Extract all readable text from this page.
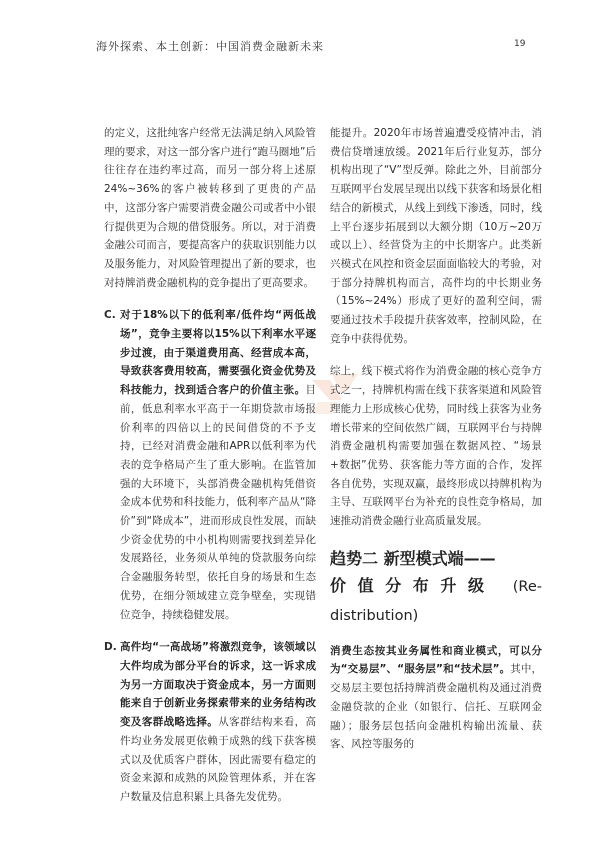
海外探索、本土创新：中国消费金融新未来	19

的定义，这批纯客户经常无法满足纳入风险管理的要求，对这一部分客户进行“跑马圈地”后往往存在违约率过高，而另一部分将上述原24%~36%的客户被转移到了更贵的产品中，这部分客户需要消费金融公司或者中小银行提供更为合规的借贷服务。所以，对于消费金融公司而言，要提高客户的获取识别能力以及服务能力，对风险管理提出了新的要求，也对持牌消费金融机构的竞争提出了更高要求。

C. 对于18%以下的低利率/低件均“两低战场”，竞争主要将以15%以下利率水平逐步过渡，由于渠道费用高、经营成本高，导致获客费用较高，需要强化资金优势及科技能力，找到适合客户的价值主张。目前，低息利率水平高于一年期贷款市场报价利率的四倍以上的民间借贷的不予支持，已经对消费金融和APR以低利率为代表的竞争格局产生了重大影响。在监管加强的大环境下，头部消费金融机构凭借资金成本优势和科技能力，低利率产品从“降价”到“降成本”，进而形成良性发展，而缺少资金优势的中小机构则需要找到差异化发展路径，业务须从单纯的贷款服务向综合金融服务转型，依托自身的场景和生态优势，在细分领域建立竞争壁垒，实现错位竞争，持续稳健发展。

D. 高件均“一高战场”将激烈竞争，该领域以大件均成为部分平台的诉求，这一诉求成为另一方面取决于资金成本，另一方面则能来自于创新业务探索带来的业务结构改变及客群战略选择。从客群结构来看，高件均业务发展更依赖于成熟的线下获客模式以及优质客户群体，因此需要有稳定的资金来源和成熟的风险管理体系，并在客户数量及信息积累上具备先发优势。

能提升。2020年市场普遍遭受疫情冲击，消费信贷增速放缓。2021年后行业复苏，部分机构出现了“V”型反弹。除此之外，目前部分互联网平台发展呈现出以线下获客和场景化相结合的新模式，从线上到线下渗透，同时，线上平台逐步拓展到以大额分期（10万~20万或以上）、经营贷为主的中长期客户。此类新兴模式在风控和资金层面面临较大的考验，对于部分持牌机构而言，高件均的中长期业务（15%~24%）形成了更好的盈利空间，需要通过技术手段提升获客效率，控制风险，在竞争中获得优势。

综上，线下模式将作为消费金融的核心竞争方式之一，持牌机构需在线下获客渠道和风险管理能力上形成核心优势，同时线上获客为业务增长带来的空间依然广阔，互联网平台与持牌消费金融机构需要加强在数据风控、“场景+数据”优势、获客能力等方面的合作，发挥各自优势，实现双赢，最终形成以持牌机构为主导、互联网平台为补充的良性竞争格局，加速推动消费金融行业高质量发展。

趋势二 新型模式端——

价值分布升级 (Re-distribution)

消费生态按其业务属性和商业模式，可以分为“交易层”、“服务层”和“技术层”。其中，交易层主要包括持牌消费金融机构及通过消费金融贷款的企业（如银行、信托、互联网金融）；服务层包括向金融机构输出流量、获客、风控等服务的
